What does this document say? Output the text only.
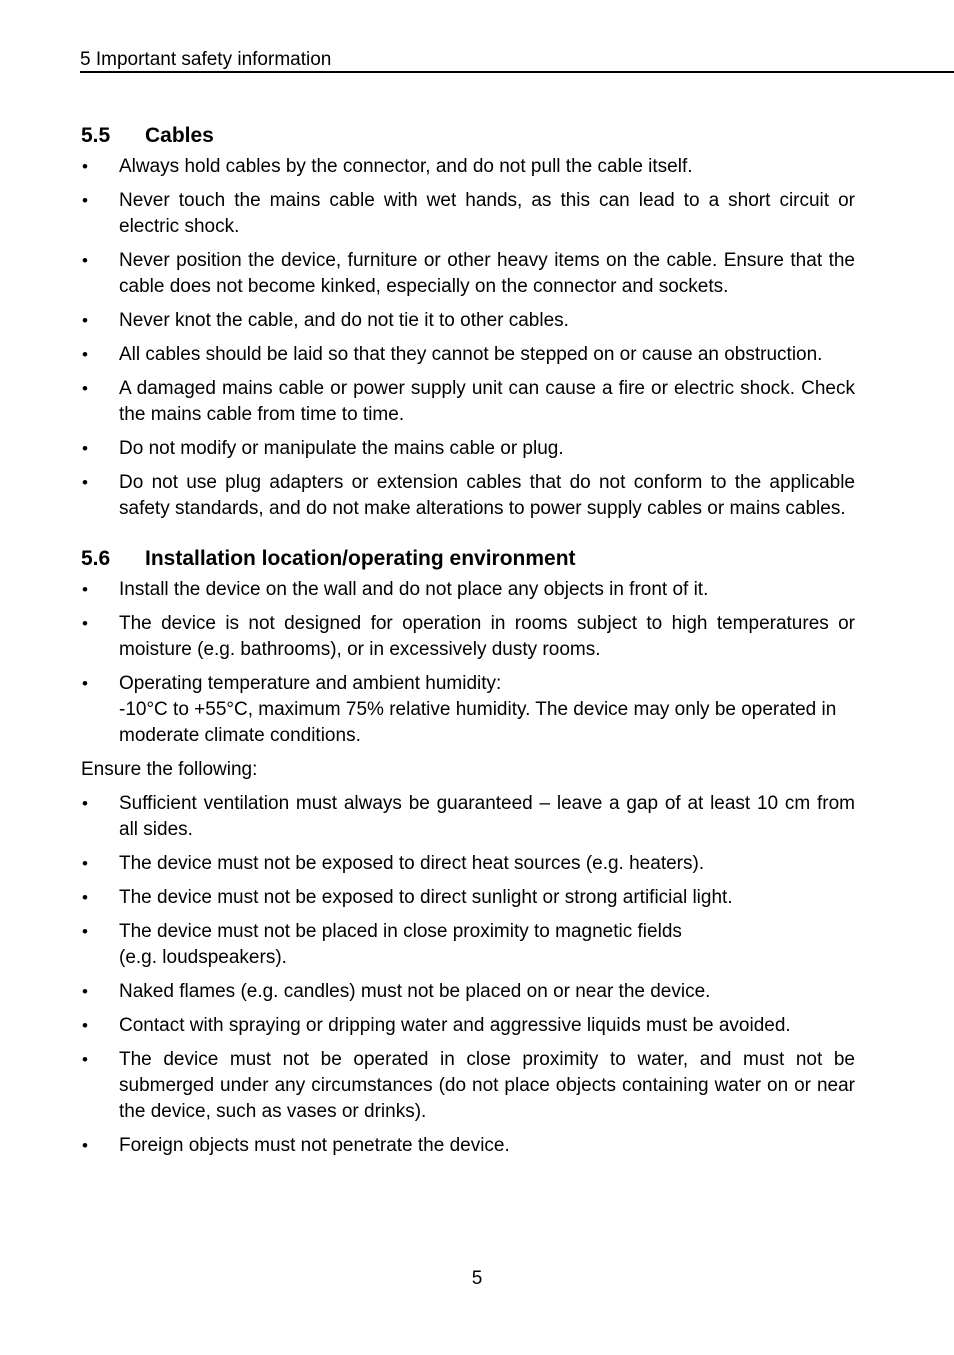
5 Important safety information
5.5	Cables
• Always hold cables by the connector, and do not pull the cable itself.
• Never touch the mains cable with wet hands, as this can lead to a short circuit or electric shock.
• Never position the device, furniture or other heavy items on the cable. Ensure that the cable does not become kinked, especially on the connector and sockets.
• Never knot the cable, and do not tie it to other cables.
• All cables should be laid so that they cannot be stepped on or cause an obstruction.
• A damaged mains cable or power supply unit can cause a fire or electric shock. Check the mains cable from time to time.
• Do not modify or manipulate the mains cable or plug.
• Do not use plug adapters or extension cables that do not conform to the applicable safety standards, and do not make alterations to power supply cables or mains cables.
5.6	Installation location/operating environment
• Install the device on the wall and do not place any objects in front of it.
• The device is not designed for operation in rooms subject to high temperatures or moisture (e.g. bathrooms), or in excessively dusty rooms.
• Operating temperature and ambient humidity:
-10°C to +55°C, maximum 75% relative humidity. The device may only be operated in moderate climate conditions.

Ensure the following:

• Sufficient ventilation must always be guaranteed – leave a gap of at least 10 cm from all sides.
• The device must not be exposed to direct heat sources (e.g. heaters).
• The device must not be exposed to direct sunlight or strong artificial light.
• The device must not be placed in close proximity to magnetic fields
(e.g. loudspeakers).
• Naked flames (e.g. candles) must not be placed on or near the device.
• Contact with spraying or dripping water and aggressive liquids must be avoided.
• The device must not be operated in close proximity to water, and must not be submerged under any circumstances (do not place objects containing water on or near the device, such as vases or drinks).
• Foreign objects must not penetrate the device.
5
